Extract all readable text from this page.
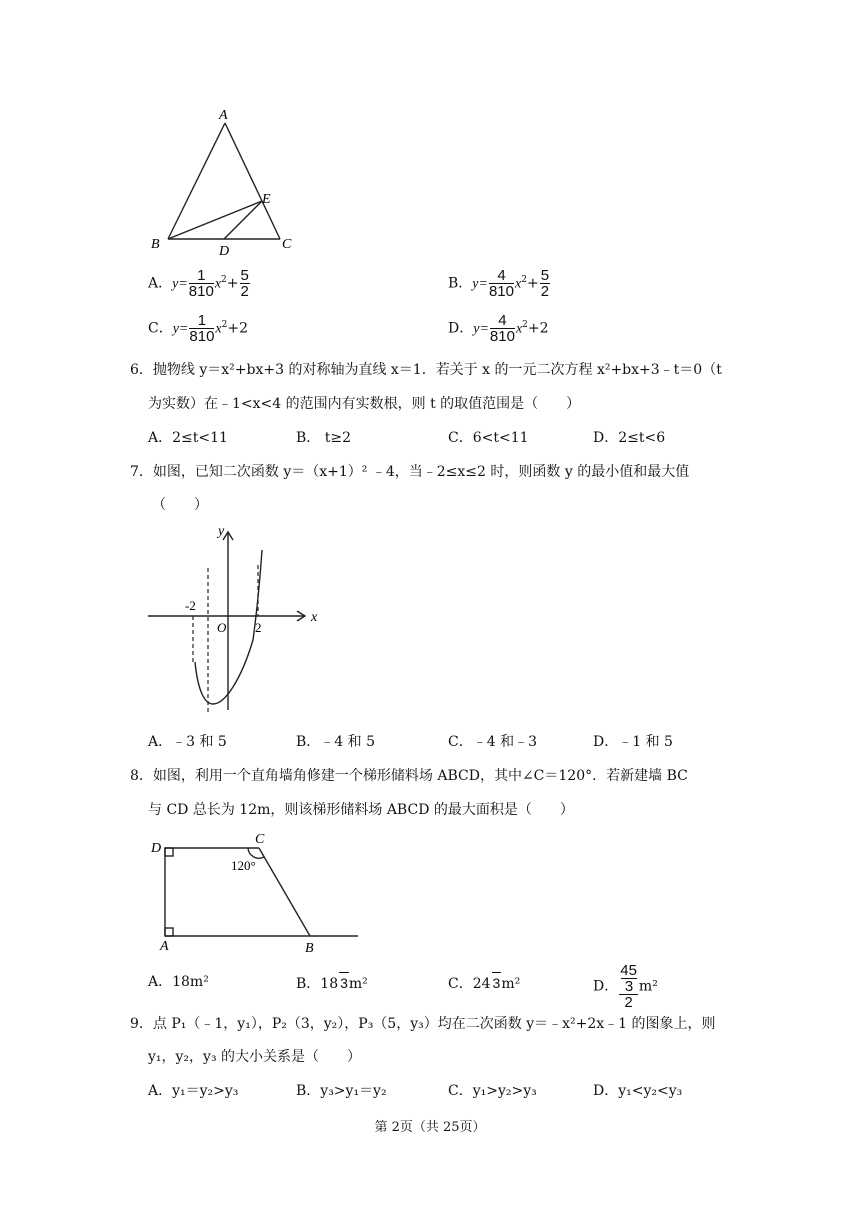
A
B	C
D
E
A．$y= \frac{1}{810} x^2+ \frac{5}{2}$	B．$y= \frac{4}{810} x^2+ \frac{5}{2}$
C．$y= \frac{1}{810} x^2+2$	D．$y= \frac{4}{810} x^2+2$
6．抛物线 y＝x²+bx+3 的对称轴为直线 x＝1．若关于 x 的一元二次方程 x²+bx+3﹣t＝0（t
为实数）在﹣1<x<4 的范围内有实数根，则 t 的取值范围是（　　）
A．2≤t<11	B． t≥2	C．6<t<11	D．2≤t<6
7．如图，已知二次函数 y＝（x+1）² ﹣4，当﹣2≤x≤2 时，则函数 y 的最小值和最大值
（　　）
y
x
-2
O 2
A．﹣3 和 5	B．﹣4 和 5	C．﹣4 和﹣3	D．﹣1 和 5
8．如图，利用一个直角墙角修建一个梯形储料场 ABCD，其中∠C＝120°．若新建墙 BC
与 CD 总长为 12m，则该梯形储料场 ABCD 的最大面积是（　　）
D
C
A	B
120°
A．18m²	B．18 3m²	C．24 3m²	D． 45
3
2 m²
9．点 P₁（﹣1，y₁），P₂（3，y₂），P₃（5，y₃）均在二次函数 y＝﹣x²+2x﹣1 的图象上，则
y₁，y₂，y₃ 的大小关系是（　　）
A．y₁＝y₂>y₃	B．y₃>y₁＝y₂	C．y₁>y₂>y₃	D．y₁<y₂<y₃
第 2页（共 25页）
